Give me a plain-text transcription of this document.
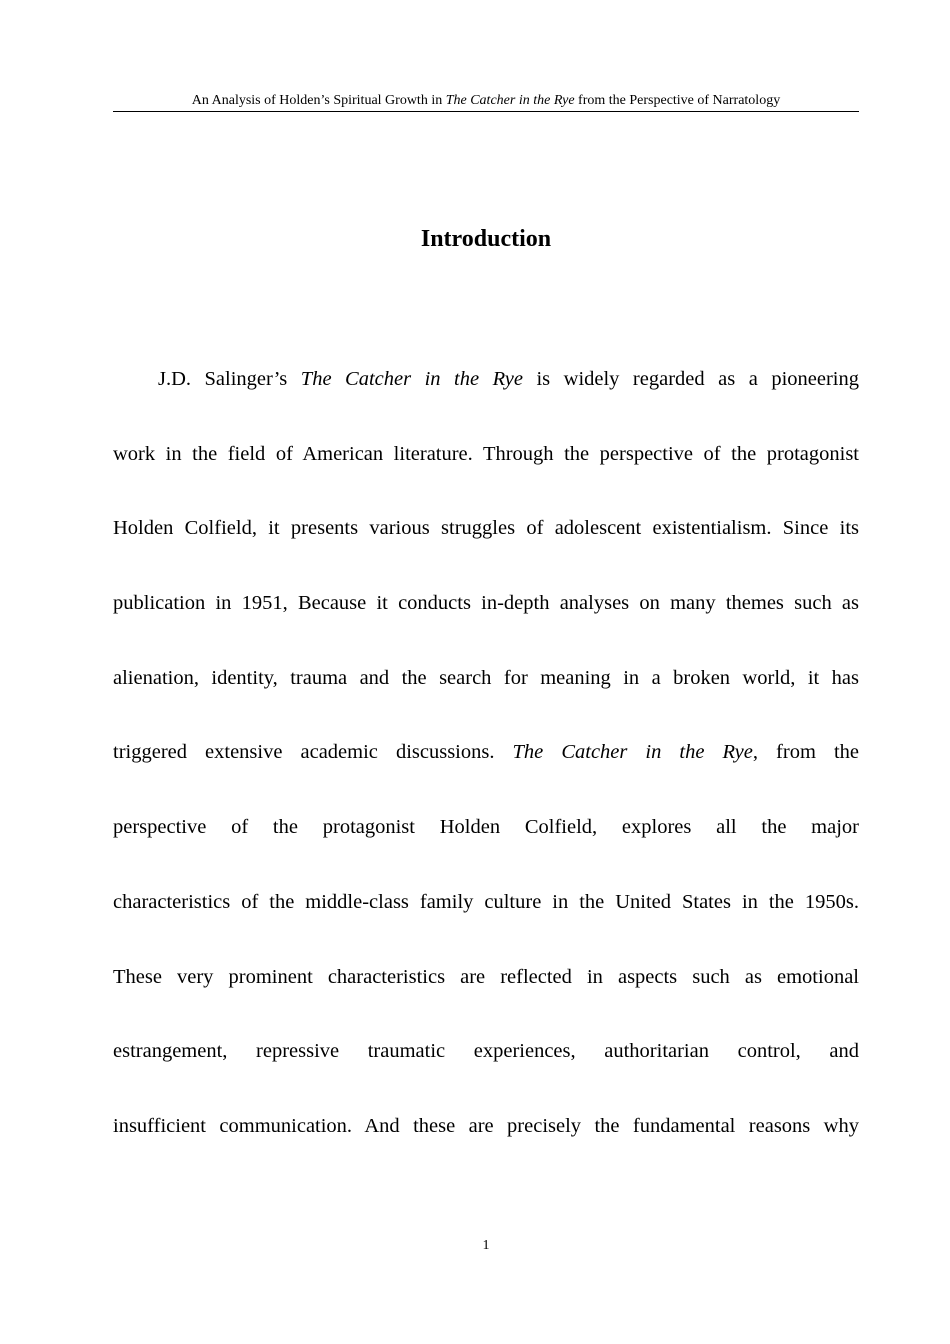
An Analysis of Holden’s Spiritual Growth in The Catcher in the Rye from the Perspective of Narratology
Introduction
J.D. Salinger’s The Catcher in the Rye is widely regarded as a pioneering
work in the field of American literature. Through the perspective of the protagonist
Holden Colfield, it presents various struggles of adolescent existentialism. Since its
publication in 1951, Because it conducts in-depth analyses on many themes such as
alienation, identity, trauma and the search for meaning in a broken world, it has
triggered extensive academic discussions. The Catcher in the Rye, from the
perspective of the protagonist Holden Colfield, explores all the major
characteristics of the middle-class family culture in the United States in the 1950s.
These very prominent characteristics are reflected in aspects such as emotional
estrangement, repressive traumatic experiences, authoritarian control, and
insufficient communication. And these are precisely the fundamental reasons why
1
